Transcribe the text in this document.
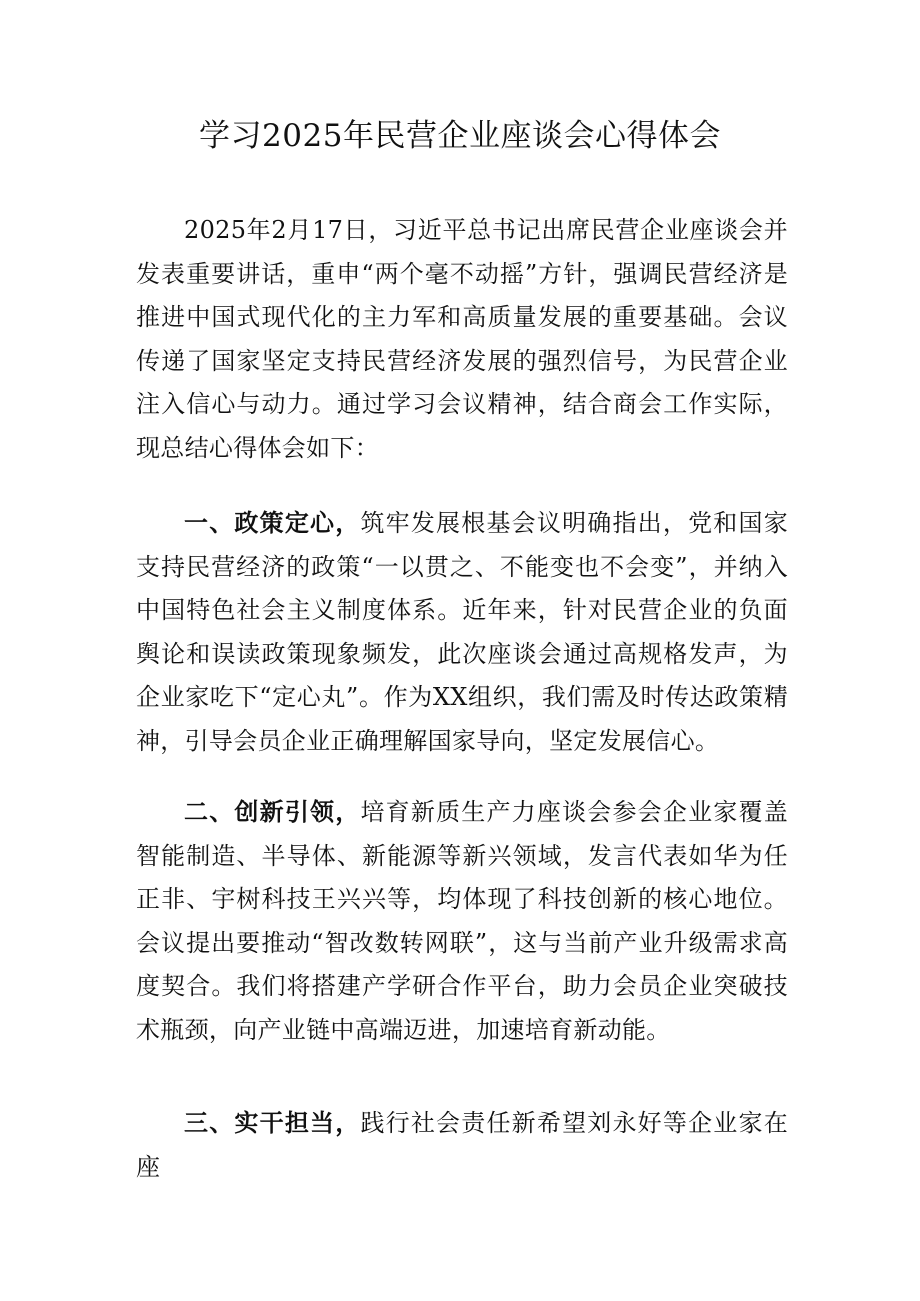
学习2025年民营企业座谈会心得体会

2025年2月17日，习近平总书记出席民营企业座谈会并发表重要讲话，重申“两个毫不动摇”方针，强调民营经济是推进中国式现代化的主力军和高质量发展的重要基础。会议传递了国家坚定支持民营经济发展的强烈信号，为民营企业注入信心与动力。通过学习会议精神，结合商会工作实际，现总结心得体会如下：

一、政策定心，筑牢发展根基会议明确指出，党和国家支持民营经济的政策“一以贯之、不能变也不会变”，并纳入中国特色社会主义制度体系。近年来，针对民营企业的负面舆论和误读政策现象频发，此次座谈会通过高规格发声，为企业家吃下“定心丸”。作为XX组织，我们需及时传达政策精神，引导会员企业正确理解国家导向，坚定发展信心。

二、创新引领，培育新质生产力座谈会参会企业家覆盖智能制造、半导体、新能源等新兴领域，发言代表如华为任正非、宇树科技王兴兴等，均体现了科技创新的核心地位。会议提出要推动“智改数转网联”，这与当前产业升级需求高度契合。我们将搭建产学研合作平台，助力会员企业突破技术瓶颈，向产业链中高端迈进，加速培育新动能。

三、实干担当，践行社会责任新希望刘永好等企业家在座
